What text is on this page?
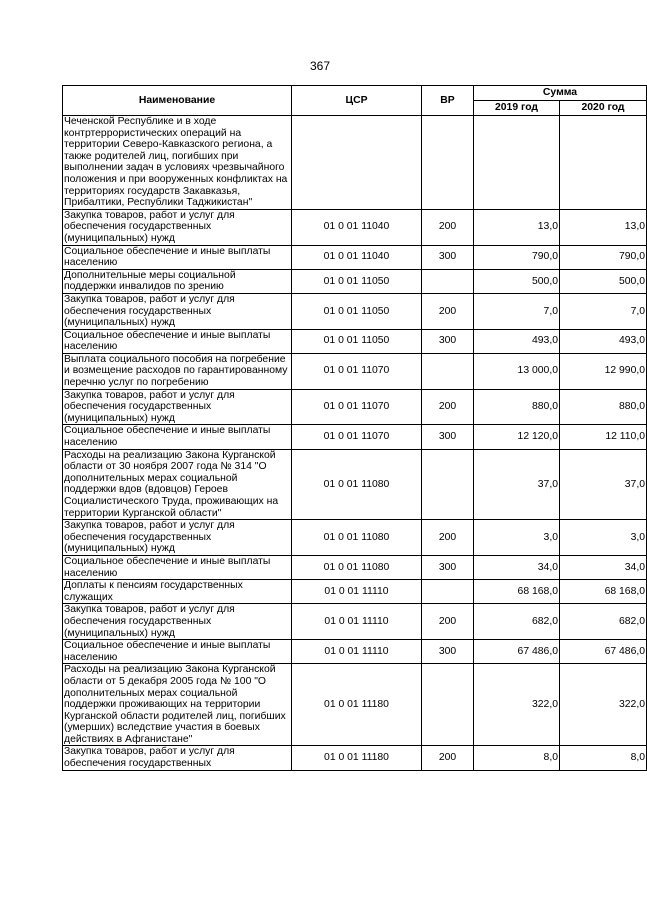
367
Наименование	ЦСР	ВР	Сумма	
			2019 год	2020 год
Чеченской Республике и в ходе контртеррористических операций на территории Северо-Кавказского региона, а также родителей лиц, погибших при выполнении задач в условиях чрезвычайного положения и при вооруженных конфликтах на территориях государств Закавказья, Прибалтики, Республики Таджикистан"				
Закупка товаров, работ и услуг для обеспечения государственных (муниципальных) нужд	01 0 01 11040	200	13,0	13,0
Социальное обеспечение и иные выплаты населению	01 0 01 11040	300	790,0	790,0
Дополнительные меры социальной поддержки инвалидов по зрению	01 0 01 11050		500,0	500,0
Закупка товаров, работ и услуг для обеспечения государственных (муниципальных) нужд	01 0 01 11050	200	7,0	7,0
Социальное обеспечение и иные выплаты населению	01 0 01 11050	300	493,0	493,0
Выплата социального пособия на погребение и возмещение расходов по гарантированному перечню услуг по погребению	01 0 01 11070		13 000,0	12 990,0
Закупка товаров, работ и услуг для обеспечения государственных (муниципальных) нужд	01 0 01 11070	200	880,0	880,0
Социальное обеспечение и иные выплаты населению	01 0 01 11070	300	12 120,0	12 110,0
Расходы на реализацию Закона Курганской области от 30 ноября 2007 года № 314 "О дополнительных мерах социальной поддержки вдов (вдовцов) Героев Социалистического Труда, проживающих на территории Курганской области"	01 0 01 11080		37,0	37,0
Закупка товаров, работ и услуг для обеспечения государственных (муниципальных) нужд	01 0 01 11080	200	3,0	3,0
Социальное обеспечение и иные выплаты населению	01 0 01 11080	300	34,0	34,0
Доплаты к пенсиям государственных служащих	01 0 01 11110		68 168,0	68 168,0
Закупка товаров, работ и услуг для обеспечения государственных (муниципальных) нужд	01 0 01 11110	200	682,0	682,0
Социальное обеспечение и иные выплаты населению	01 0 01 11110	300	67 486,0	67 486,0
Расходы на реализацию Закона Курганской области от 5 декабря 2005 года № 100 "О дополнительных мерах социальной поддержки проживающих на территории Курганской области родителей лиц, погибших (умерших) вследствие участия в боевых действиях в Афганистане"	01 0 01 11180		322,0	322,0
Закупка товаров, работ и услуг для обеспечения государственных	01 0 01 11180	200	8,0	8,0
